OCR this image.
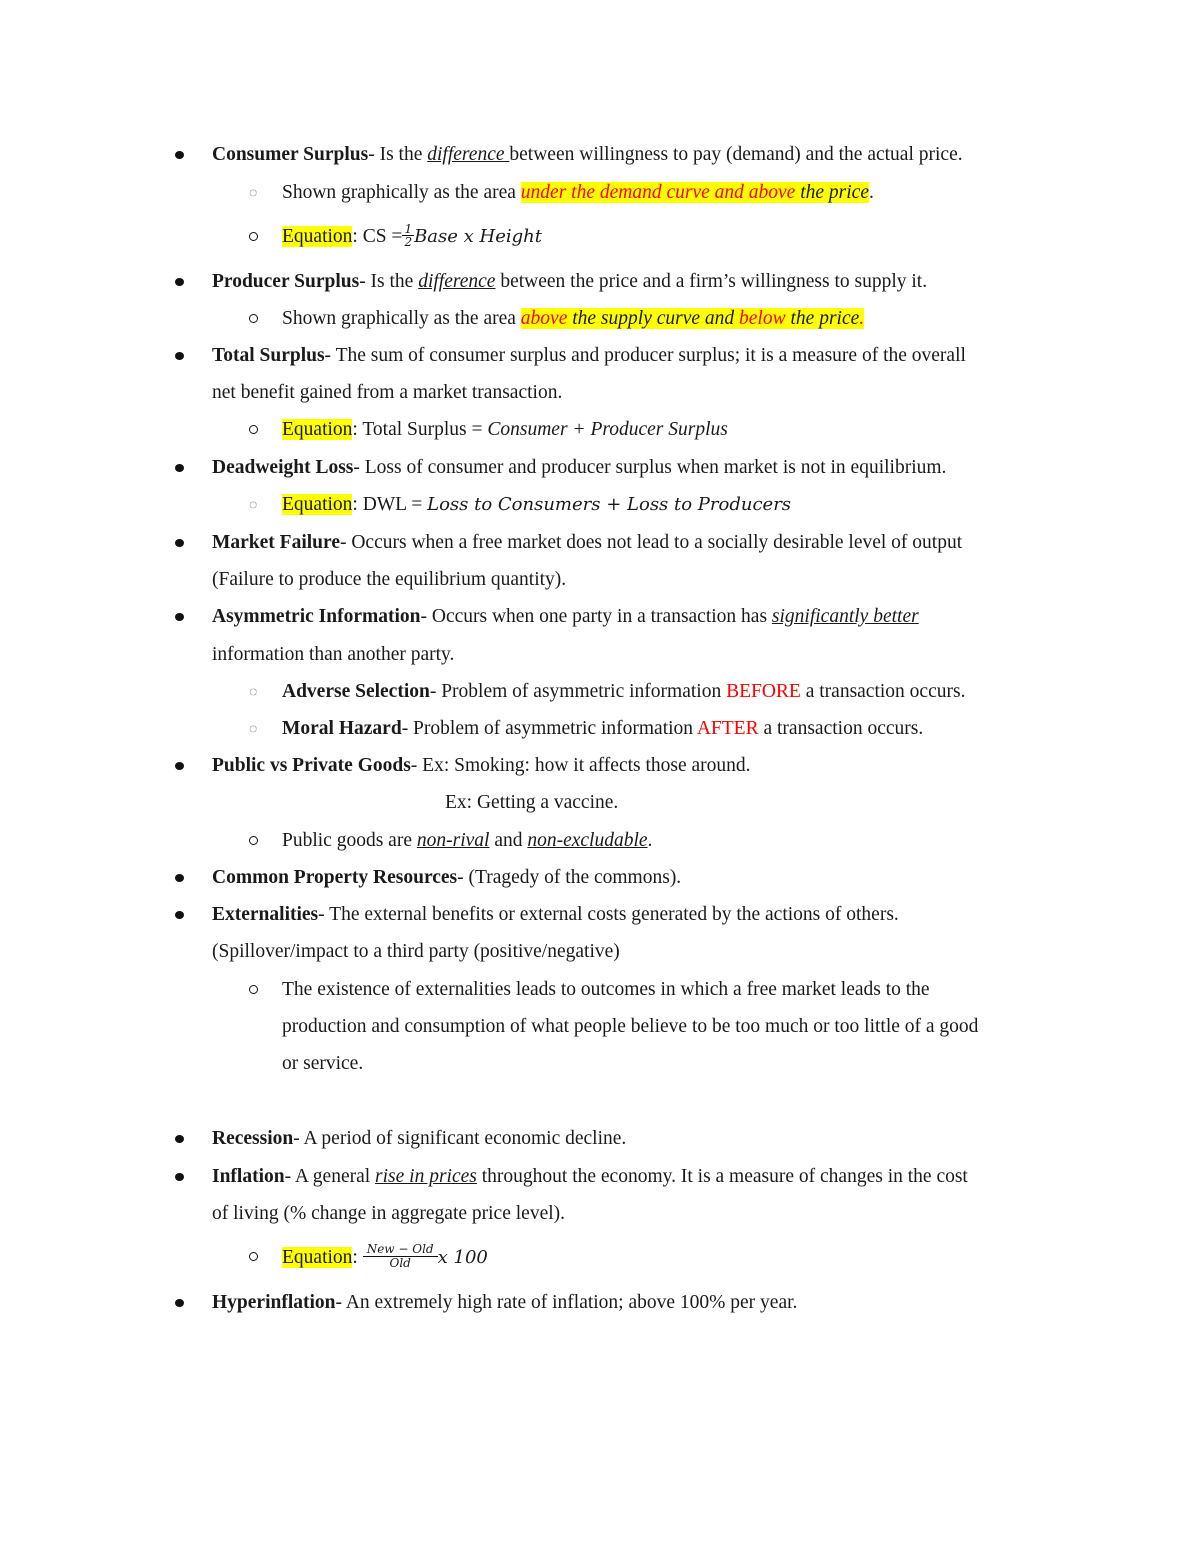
Consumer Surplus- Is the difference between willingness to pay (demand) and the actual price.
◌ Shown graphically as the area under the demand curve and above the price.
Equation: CS = $\frac{1}{2}$ Base x Height
Producer Surplus- Is the difference between the price and a firm’s willingness to supply it.
Shown graphically as the area above the supply curve and below the price.
Total Surplus- The sum of consumer surplus and producer surplus; it is a measure of the overall
net benefit gained from a market transaction.
Equation: Total Surplus = Consumer + Producer Surplus
Deadweight Loss- Loss of consumer and producer surplus when market is not in equilibrium.
◌ Equation: DWL = Loss to Consumers + Loss to Producers
Market Failure- Occurs when a free market does not lead to a socially desirable level of output
(Failure to produce the equilibrium quantity).
Asymmetric Information- Occurs when one party in a transaction has significantly better
information than another party.
◌ Adverse Selection- Problem of asymmetric information BEFORE a transaction occurs.
◌ Moral Hazard- Problem of asymmetric information AFTER a transaction occurs.
Public vs Private Goods- Ex: Smoking: how it affects those around.
Ex: Getting a vaccine.
Public goods are non-rival and non-excludable.
Common Property Resources- (Tragedy of the commons).
Externalities- The external benefits or external costs generated by the actions of others.
(Spillover/impact to a third party (positive/negative)
The existence of externalities leads to outcomes in which a free market leads to the
production and consumption of what people believe to be too much or too little of a good
or service.
Recession- A period of significant economic decline.
Inflation- A general rise in prices throughout the economy. It is a measure of changes in the cost
of living (% change in aggregate price level).
Equation: $\frac{\text{New − Old}}{\text{Old}}$ x 100
Hyperinflation- An extremely high rate of inflation; above 100% per year.
